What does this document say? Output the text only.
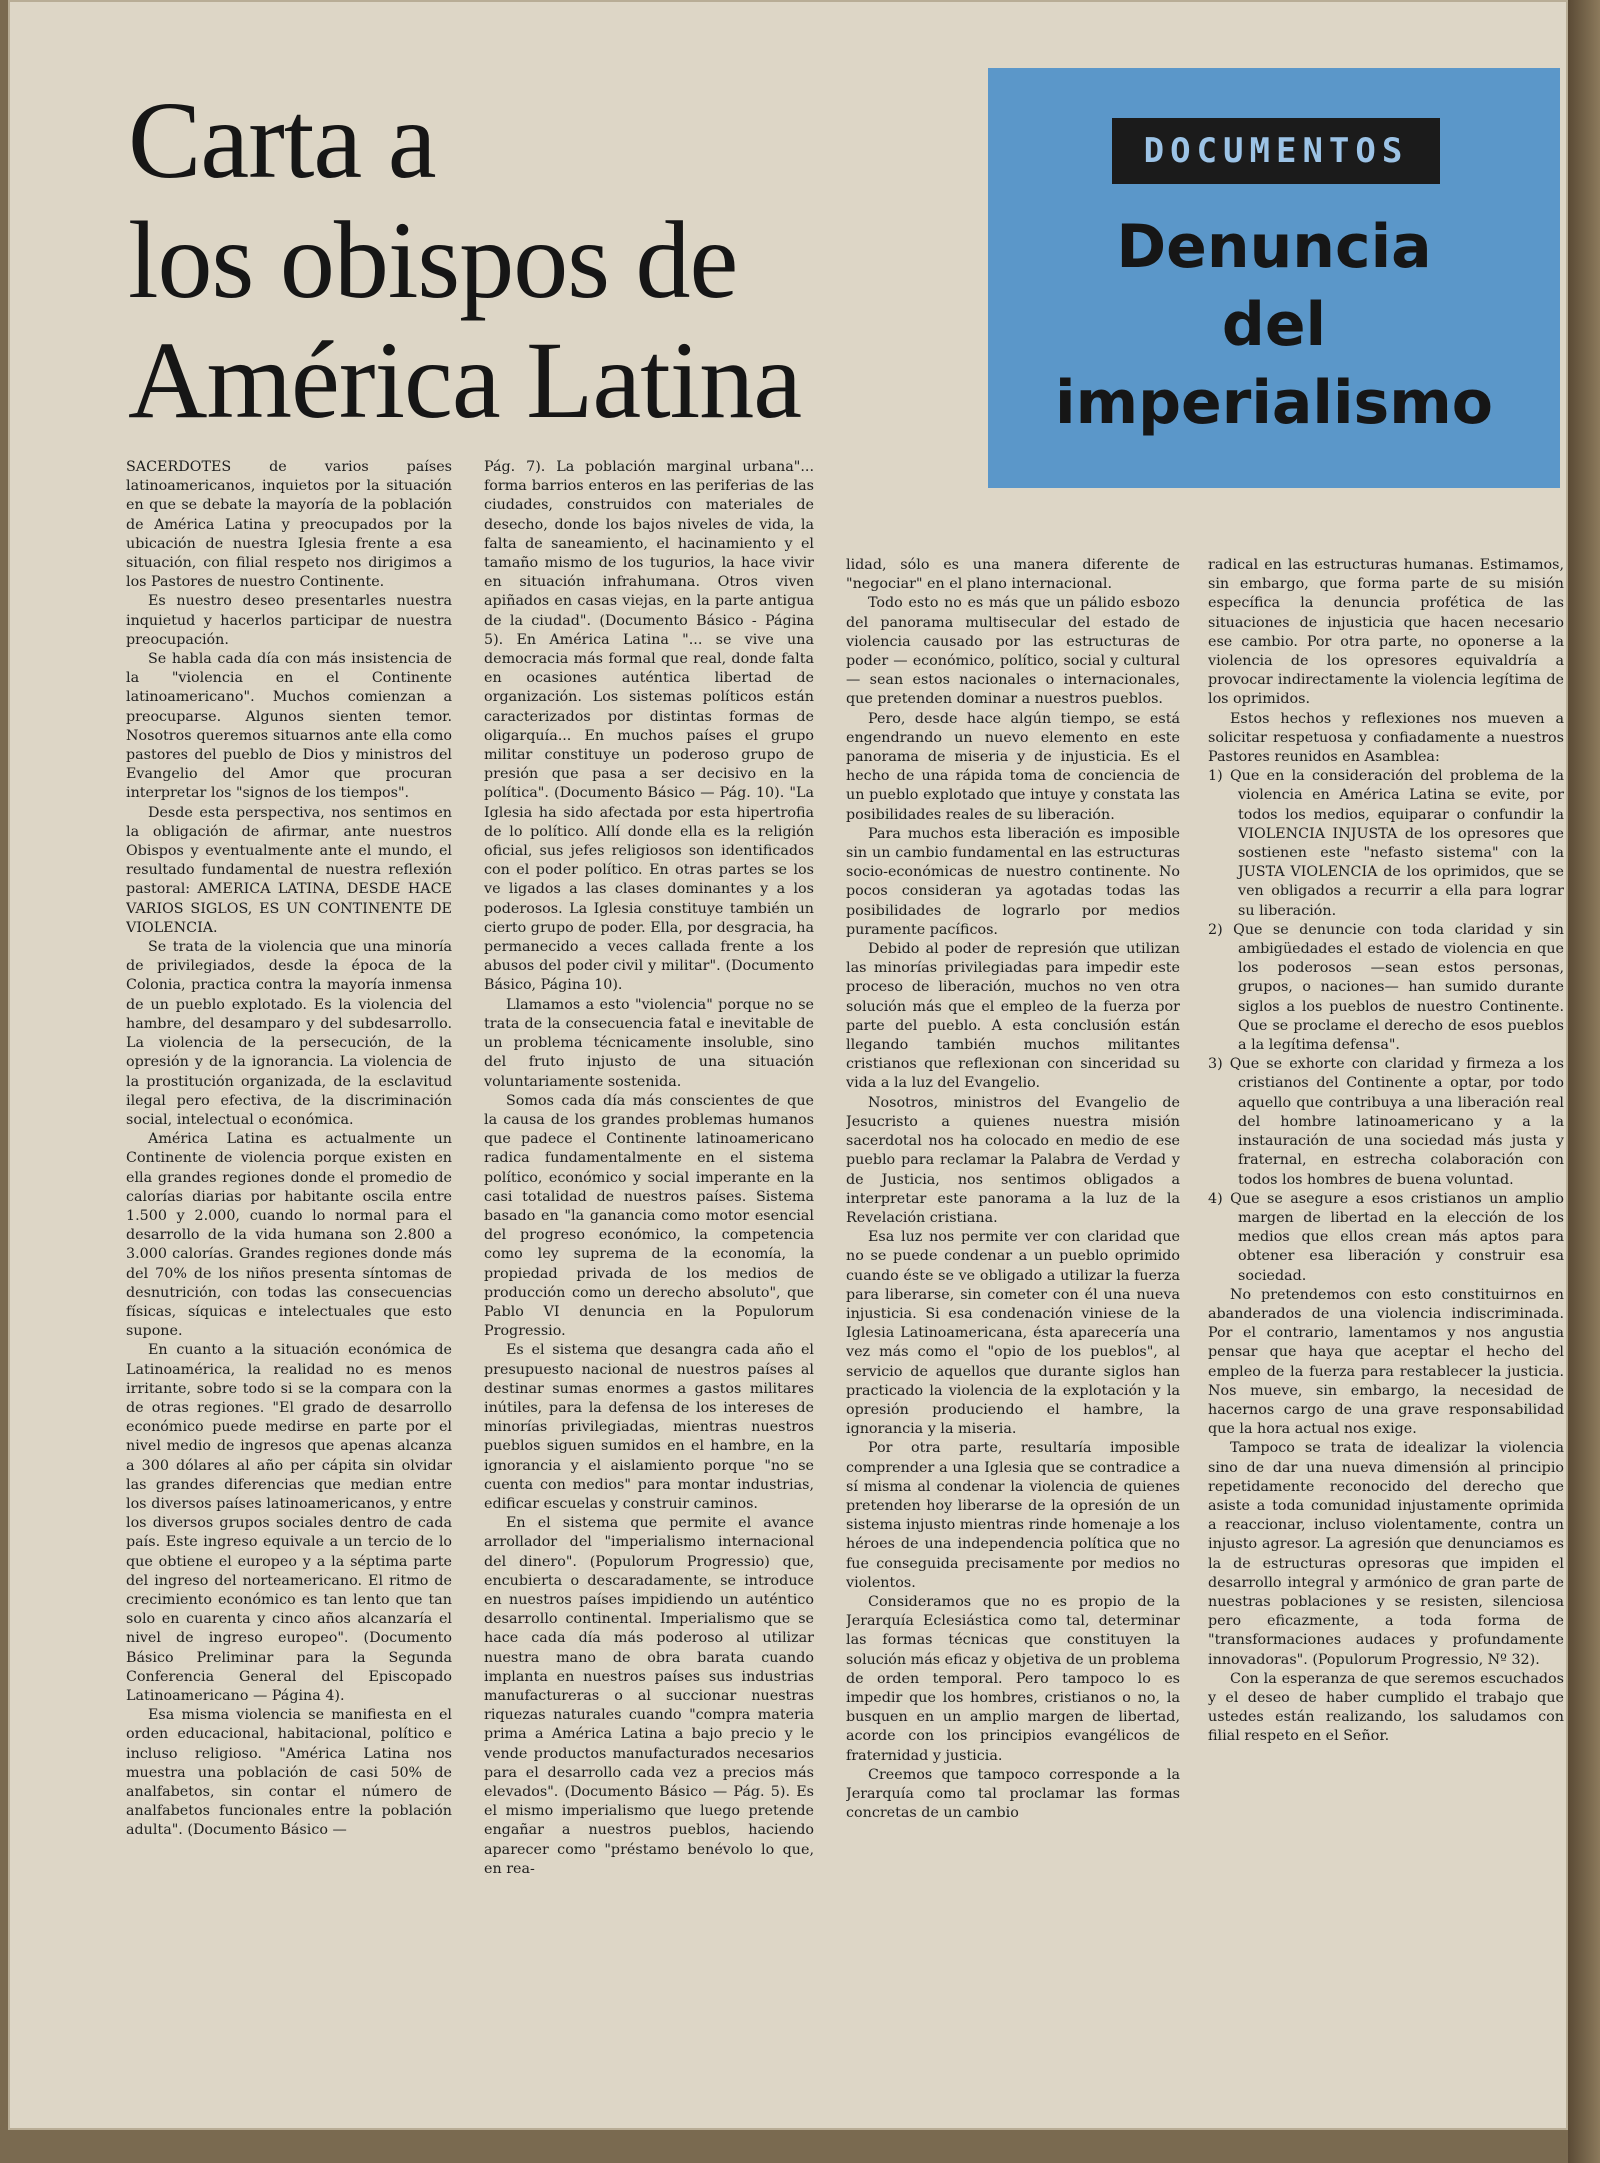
Carta a
los obispos de
América Latina
DOCUMENTOS
Denuncia
del
imperialismo

SACERDOTES de varios países latinoamericanos, inquietos por la situación en que se debate la mayoría de la población de América Latina y preocupados por la ubicación de nuestra Iglesia frente a esa situación, con filial respeto nos dirigimos a los Pastores de nuestro Continente.

Es nuestro deseo presentarles nuestra inquietud y hacerlos participar de nuestra preocupación.

Se habla cada día con más insistencia de la "violencia en el Continente latinoamericano". Muchos comienzan a preocuparse. Algunos sienten temor. Nosotros queremos situarnos ante ella como pastores del pueblo de Dios y ministros del Evangelio del Amor que procuran interpretar los "signos de los tiempos".

Desde esta perspectiva, nos sentimos en la obligación de afirmar, ante nuestros Obispos y eventualmente ante el mundo, el resultado fundamental de nuestra reflexión pastoral: AMERICA LATINA, DESDE HACE VARIOS SIGLOS, ES UN CONTINENTE DE VIOLENCIA.

Se trata de la violencia que una minoría de privilegiados, desde la época de la Colonia, practica contra la mayoría inmensa de un pueblo explotado. Es la violencia del hambre, del desamparo y del subdesarrollo. La violencia de la persecución, de la opresión y de la ignorancia. La violencia de la prostitución organizada, de la esclavitud ilegal pero efectiva, de la discriminación social, intelectual o económica.

América Latina es actualmente un Continente de violencia porque existen en ella grandes regiones donde el promedio de calorías diarias por habitante oscila entre 1.500 y 2.000, cuando lo normal para el desarrollo de la vida humana son 2.800 a 3.000 calorías. Grandes regiones donde más del 70% de los niños presenta síntomas de desnutrición, con todas las consecuencias físicas, síquicas e intelectuales que esto supone.

En cuanto a la situación económica de Latinoamérica, la realidad no es menos irritante, sobre todo si se la compara con la de otras regiones. "El grado de desarrollo económico puede medirse en parte por el nivel medio de ingresos que apenas alcanza a 300 dólares al año per cápita sin olvidar las grandes diferencias que median entre los diversos países latinoamericanos, y entre los diversos grupos sociales dentro de cada país. Este ingreso equivale a un tercio de lo que obtiene el europeo y a la séptima parte del ingreso del norteamericano. El ritmo de crecimiento económico es tan lento que tan solo en cuarenta y cinco años alcanzaría el nivel de ingreso europeo". (Documento Básico Preliminar para la Segunda Conferencia General del Episcopado Latinoamericano — Página 4).

Esa misma violencia se manifiesta en el orden educacional, habitacional, político e incluso religioso. "América Latina nos muestra una población de casi 50% de analfabetos, sin contar el número de analfabetos funcionales entre la población adulta". (Documento Básico —

Pág. 7). La población marginal urbana"... forma barrios enteros en las periferias de las ciudades, construidos con materiales de desecho, donde los bajos niveles de vida, la falta de saneamiento, el hacinamiento y el tamaño mismo de los tugurios, la hace vivir en situación infrahumana. Otros viven apiñados en casas viejas, en la parte antigua de la ciudad". (Documento Básico - Página 5). En América Latina "... se vive una democracia más formal que real, donde falta en ocasiones auténtica libertad de organización. Los sistemas políticos están caracterizados por distintas formas de oligarquía... En muchos países el grupo militar constituye un poderoso grupo de presión que pasa a ser decisivo en la política". (Documento Básico — Pág. 10). "La Iglesia ha sido afectada por esta hipertrofia de lo político. Allí donde ella es la religión oficial, sus jefes religiosos son identificados con el poder político. En otras partes se los ve ligados a las clases dominantes y a los poderosos. La Iglesia constituye también un cierto grupo de poder. Ella, por desgracia, ha permanecido a veces callada frente a los abusos del poder civil y militar". (Documento Básico, Página 10).

Llamamos a esto "violencia" porque no se trata de la consecuencia fatal e inevitable de un problema técnicamente insoluble, sino del fruto injusto de una situación voluntariamente sostenida.

Somos cada día más conscientes de que la causa de los grandes problemas humanos que padece el Continente latinoamericano radica fundamentalmente en el sistema político, económico y social imperante en la casi totalidad de nuestros países. Sistema basado en "la ganancia como motor esencial del progreso económico, la competencia como ley suprema de la economía, la propiedad privada de los medios de producción como un derecho absoluto", que Pablo VI denuncia en la Populorum Progressio.

Es el sistema que desangra cada año el presupuesto nacional de nuestros países al destinar sumas enormes a gastos militares inútiles, para la defensa de los intereses de minorías privilegiadas, mientras nuestros pueblos siguen sumidos en el hambre, en la ignorancia y el aislamiento porque "no se cuenta con medios" para montar industrias, edificar escuelas y construir caminos.

En el sistema que permite el avance arrollador del "imperialismo internacional del dinero". (Populorum Progressio) que, encubierta o descaradamente, se introduce en nuestros países impidiendo un auténtico desarrollo continental. Imperialismo que se hace cada día más poderoso al utilizar nuestra mano de obra barata cuando implanta en nuestros países sus industrias manufactureras o al succionar nuestras riquezas naturales cuando "compra materia prima a América Latina a bajo precio y le vende productos manufacturados necesarios para el desarrollo cada vez a precios más elevados". (Documento Básico — Pág. 5). Es el mismo imperialismo que luego pretende engañar a nuestros pueblos, haciendo aparecer como "préstamo benévolo lo que, en rea-

lidad, sólo es una manera diferente de "negociar" en el plano internacional.

Todo esto no es más que un pálido esbozo del panorama multisecular del estado de violencia causado por las estructuras de poder — económico, político, social y cultural— sean estos nacionales o internacionales, que pretenden dominar a nuestros pueblos.

Pero, desde hace algún tiempo, se está engendrando un nuevo elemento en este panorama de miseria y de injusticia. Es el hecho de una rápida toma de conciencia de un pueblo explotado que intuye y constata las posibilidades reales de su liberación.

Para muchos esta liberación es imposible sin un cambio fundamental en las estructuras socio-económicas de nuestro continente. No pocos consideran ya agotadas todas las posibilidades de lograrlo por medios puramente pacíficos.

Debido al poder de represión que utilizan las minorías privilegiadas para impedir este proceso de liberación, muchos no ven otra solución más que el empleo de la fuerza por parte del pueblo. A esta conclusión están llegando también muchos militantes cristianos que reflexionan con sinceridad su vida a la luz del Evangelio.

Nosotros, ministros del Evangelio de Jesucristo a quienes nuestra misión sacerdotal nos ha colocado en medio de ese pueblo para reclamar la Palabra de Verdad y de Justicia, nos sentimos obligados a interpretar este panorama a la luz de la Revelación cristiana.

Esa luz nos permite ver con claridad que no se puede condenar a un pueblo oprimido cuando éste se ve obligado a utilizar la fuerza para liberarse, sin cometer con él una nueva injusticia. Si esa condenación viniese de la Iglesia Latinoamericana, ésta aparecería una vez más como el "opio de los pueblos", al servicio de aquellos que durante siglos han practicado la violencia de la explotación y la opresión produciendo el hambre, la ignorancia y la miseria.

Por otra parte, resultaría imposible comprender a una Iglesia que se contradice a sí misma al condenar la violencia de quienes pretenden hoy liberarse de la opresión de un sistema injusto mientras rinde homenaje a los héroes de una independencia política que no fue conseguida precisamente por medios no violentos.

Consideramos que no es propio de la Jerarquía Eclesiástica como tal, determinar las formas técnicas que constituyen la solución más eficaz y objetiva de un problema de orden temporal. Pero tampoco lo es impedir que los hombres, cristianos o no, la busquen en un amplio margen de libertad, acorde con los principios evangélicos de fraternidad y justicia.

Creemos que tampoco corresponde a la Jerarquía como tal proclamar las formas concretas de un cambio

radical en las estructuras humanas. Estimamos, sin embargo, que forma parte de su misión específica la denuncia profética de las situaciones de injusticia que hacen necesario ese cambio. Por otra parte, no oponerse a la violencia de los opresores equivaldría a provocar indirectamente la violencia legítima de los oprimidos.

Estos hechos y reflexiones nos mueven a solicitar respetuosa y confiadamente a nuestros Pastores reunidos en Asamblea:

1) Que en la consideración del problema de la violencia en América Latina se evite, por todos los medios, equiparar o confundir la VIOLENCIA INJUSTA de los opresores que sostienen este "nefasto sistema" con la JUSTA VIOLENCIA de los oprimidos, que se ven obligados a recurrir a ella para lograr su liberación.

2) Que se denuncie con toda claridad y sin ambigüedades el estado de violencia en que los poderosos —sean estos personas, grupos, o naciones— han sumido durante siglos a los pueblos de nuestro Continente. Que se proclame el derecho de esos pueblos a la legítima defensa".

3) Que se exhorte con claridad y firmeza a los cristianos del Continente a optar, por todo aquello que contribuya a una liberación real del hombre latinoamericano y a la instauración de una sociedad más justa y fraternal, en estrecha colaboración con todos los hombres de buena voluntad.

4) Que se asegure a esos cristianos un amplio margen de libertad en la elección de los medios que ellos crean más aptos para obtener esa liberación y construir esa sociedad.

No pretendemos con esto constituirnos en abanderados de una violencia indiscriminada. Por el contrario, lamentamos y nos angustia pensar que haya que aceptar el hecho del empleo de la fuerza para restablecer la justicia. Nos mueve, sin embargo, la necesidad de hacernos cargo de una grave responsabilidad que la hora actual nos exige.

Tampoco se trata de idealizar la violencia sino de dar una nueva dimensión al principio repetidamente reconocido del derecho que asiste a toda comunidad injustamente oprimida a reaccionar, incluso violentamente, contra un injusto agresor. La agresión que denunciamos es la de estructuras opresoras que impiden el desarrollo integral y armónico de gran parte de nuestras poblaciones y se resisten, silenciosa pero eficazmente, a toda forma de "transformaciones audaces y profundamente innovadoras". (Populorum Progressio, Nº 32).

Con la esperanza de que seremos escuchados y el deseo de haber cumplido el trabajo que ustedes están realizando, los saludamos con filial respeto en el Señor.
